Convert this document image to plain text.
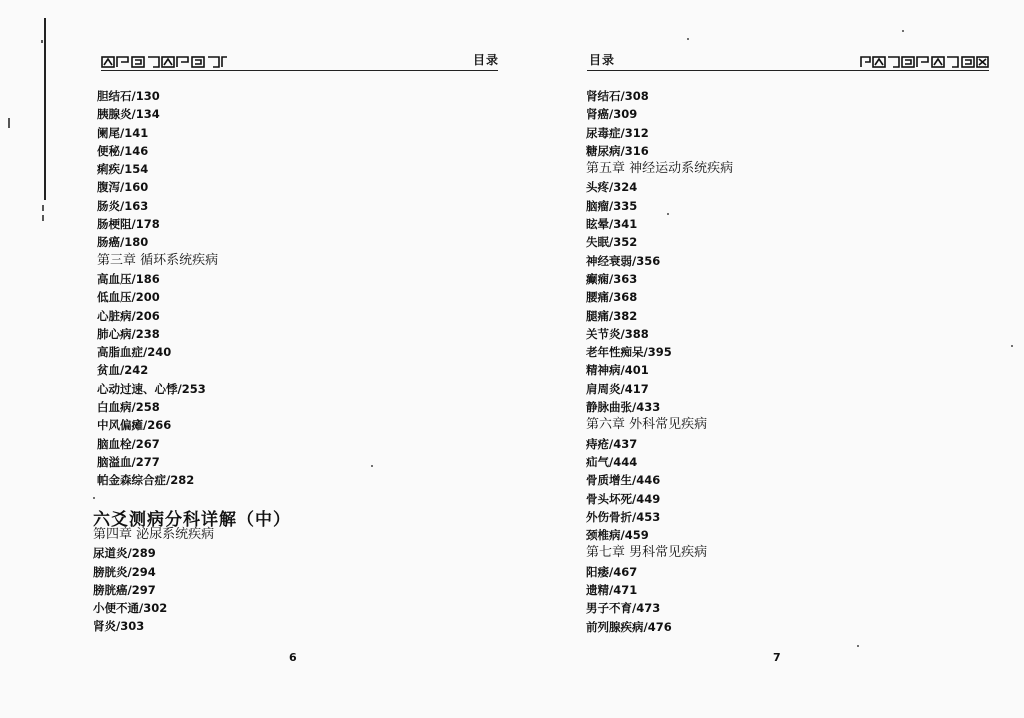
目录
胆结石/130
胰腺炎/134
阑尾/141
便秘/146
痢疾/154
腹泻/160
肠炎/163
肠梗阻/178
肠癌/180
第三章 循环系统疾病
高血压/186
低血压/200
心脏病/206
肺心病/238
高脂血症/240
贫血/242
心动过速、心悸/253
白血病/258
中风偏瘫/266
脑血栓/267
脑溢血/277
帕金森综合症/282
六爻测病分科详解（中）
第四章 泌尿系统疾病
尿道炎/289
膀胱炎/294
膀胱癌/297
小便不通/302
肾炎/303
6
目录
肾结石/308
肾癌/309
尿毒症/312
糖尿病/316
第五章 神经运动系统疾病
头疼/324
脑瘤/335
眩晕/341
失眠/352
神经衰弱/356
癫痫/363
腰痛/368
腿痛/382
关节炎/388
老年性痴呆/395
精神病/401
肩周炎/417
静脉曲张/433
第六章 外科常见疾病
痔疮/437
疝气/444
骨质增生/446
骨头坏死/449
外伤骨折/453
颈椎病/459
第七章 男科常见疾病
阳痿/467
遗精/471
男子不育/473
前列腺疾病/476
7
